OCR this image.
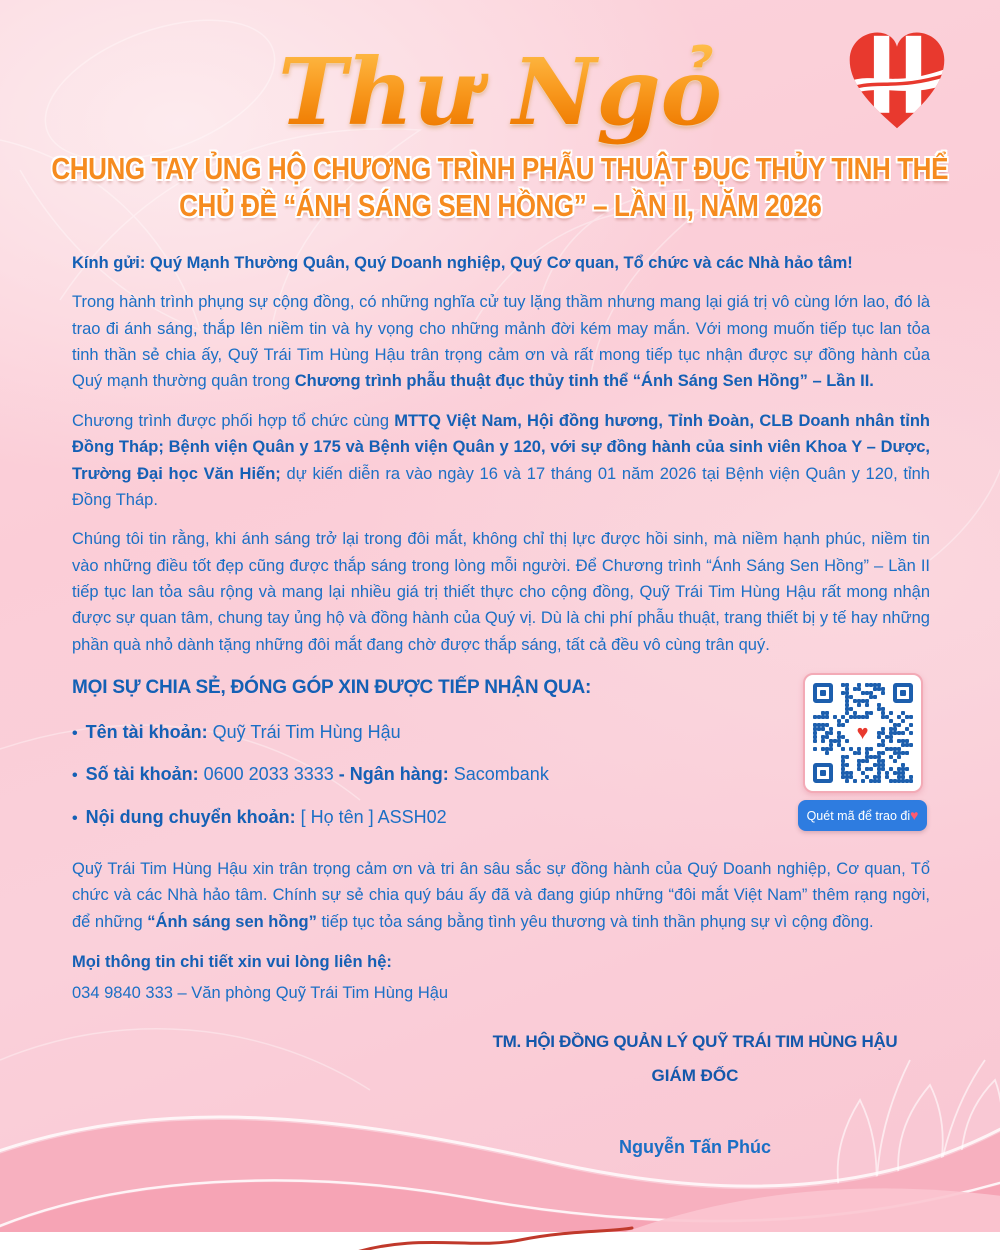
Thư Ngỏ
CHUNG TAY ỦNG HỘ CHƯƠNG TRÌNH PHẪU THUẬT ĐỤC THỦY TINH THỂ
CHỦ ĐỀ “ÁNH SÁNG SEN HỒNG” – LẦN II, NĂM 2026

Kính gửi: Quý Mạnh Thường Quân, Quý Doanh nghiệp, Quý Cơ quan, Tổ chức và các Nhà hảo tâm!

Trong hành trình phụng sự cộng đồng, có những nghĩa cử tuy lặng thầm nhưng mang lại giá trị vô cùng lớn lao, đó là trao đi ánh sáng, thắp lên niềm tin và hy vọng cho những mảnh đời kém may mắn. Với mong muốn tiếp tục lan tỏa tinh thần sẻ chia ấy, Quỹ Trái Tim Hùng Hậu trân trọng cảm ơn và rất mong tiếp tục nhận được sự đồng hành của Quý mạnh thường quân trong Chương trình phẫu thuật đục thủy tinh thể “Ánh Sáng Sen Hồng” – Lần II.

Chương trình được phối hợp tổ chức cùng MTTQ Việt Nam, Hội đồng hương, Tỉnh Đoàn, CLB Doanh nhân tỉnh Đồng Tháp; Bệnh viện Quân y 175 và Bệnh viện Quân y 120, với sự đồng hành của sinh viên Khoa Y – Dược, Trường Đại học Văn Hiến; dự kiến diễn ra vào ngày 16 và 17 tháng 01 năm 2026 tại Bệnh viện Quân y 120, tỉnh Đồng Tháp.

Chúng tôi tin rằng, khi ánh sáng trở lại trong đôi mắt, không chỉ thị lực được hồi sinh, mà niềm hạnh phúc, niềm tin vào những điều tốt đẹp cũng được thắp sáng trong lòng mỗi người. Để Chương trình “Ánh Sáng Sen Hồng” – Lần II tiếp tục lan tỏa sâu rộng và mang lại nhiều giá trị thiết thực cho cộng đồng, Quỹ Trái Tim Hùng Hậu rất mong nhận được sự quan tâm, chung tay ủng hộ và đồng hành của Quý vị. Dù là chi phí phẫu thuật, trang thiết bị y tế hay những phần quà nhỏ dành tặng những đôi mắt đang chờ được thắp sáng, tất cả đều vô cùng trân quý.

MỌI SỰ CHIA SẺ, ĐÓNG GÓP XIN ĐƯỢC TIẾP NHẬN QUA:
• Tên tài khoản: Quỹ Trái Tim Hùng Hậu
• Số tài khoản: 0600 2033 3333 - Ngân hàng: Sacombank
• Nội dung chuyển khoản: [ Họ tên ] ASSH02
♥
Quét mã để trao đi♥

Quỹ Trái Tim Hùng Hậu xin trân trọng cảm ơn và tri ân sâu sắc sự đồng hành của Quý Doanh nghiệp, Cơ quan, Tổ chức và các Nhà hảo tâm. Chính sự sẻ chia quý báu ấy đã và đang giúp những “đôi mắt Việt Nam” thêm rạng ngời, để những “Ánh sáng sen hồng” tiếp tục tỏa sáng bằng tình yêu thương và tinh thần phụng sự vì cộng đồng.

Mọi thông tin chi tiết xin vui lòng liên hệ:

034 9840 333 – Văn phòng Quỹ Trái Tim Hùng Hậu

TM. HỘI ĐỒNG QUẢN LÝ QUỸ TRÁI TIM HÙNG HẬU
GIÁM ĐỐC
Nguyễn Tấn Phúc
